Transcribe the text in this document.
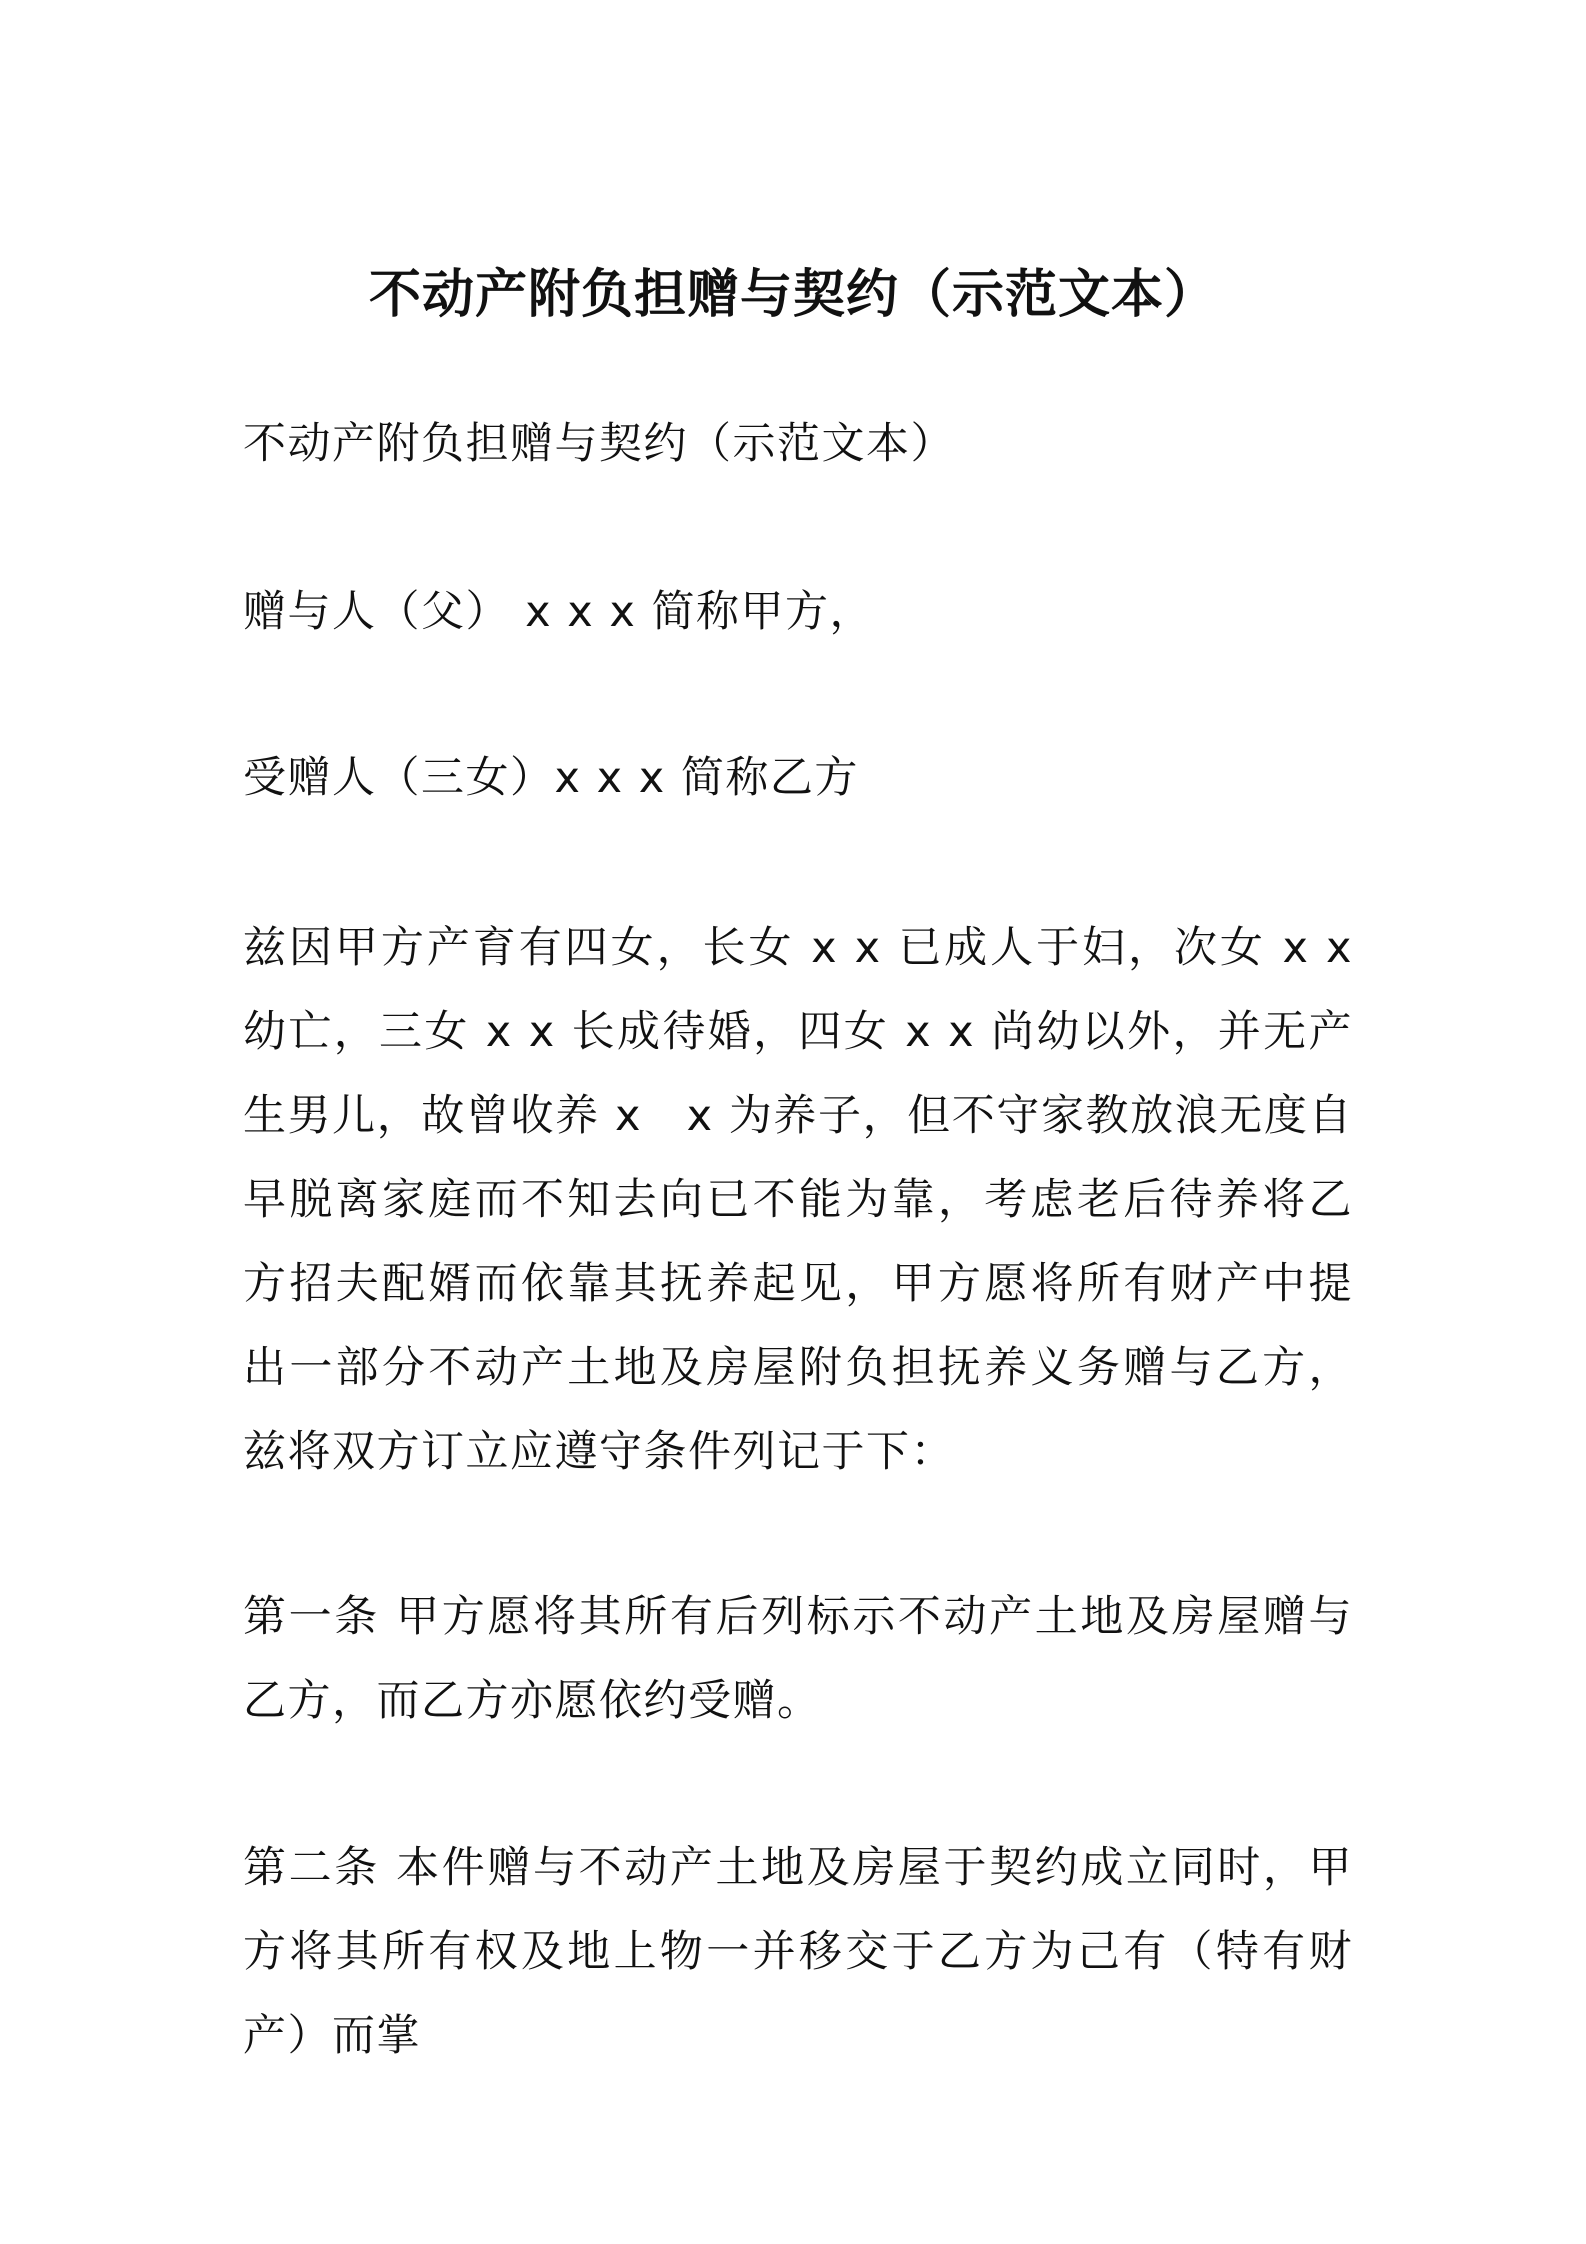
不动产附负担赠与契约（示范文本）

不动产附负担赠与契约（示范文本）

赠与人（父） x x x 简称甲方，

受赠人（三女）x x x 简称乙方

兹因甲方产育有四女，长女 x x 已成人于妇，次女 x x 幼亡，三女 x x 长成待婚，四女 x x 尚幼以外，并无产生男儿，故曾收养 x　x 为养子，但不守家教放浪无度自早脱离家庭而不知去向已不能为靠，考虑老后待养将乙方招夫配婿而依靠其抚养起见，甲方愿将所有财产中提出一部分不动产土地及房屋附负担抚养义务赠与乙方，兹将双方订立应遵守条件列记于下：

第一条 甲方愿将其所有后列标示不动产土地及房屋赠与乙方，而乙方亦愿依约受赠。

第二条 本件赠与不动产土地及房屋于契约成立同时，甲方将其所有权及地上物一并移交于乙方为己有（特有财产）而掌
